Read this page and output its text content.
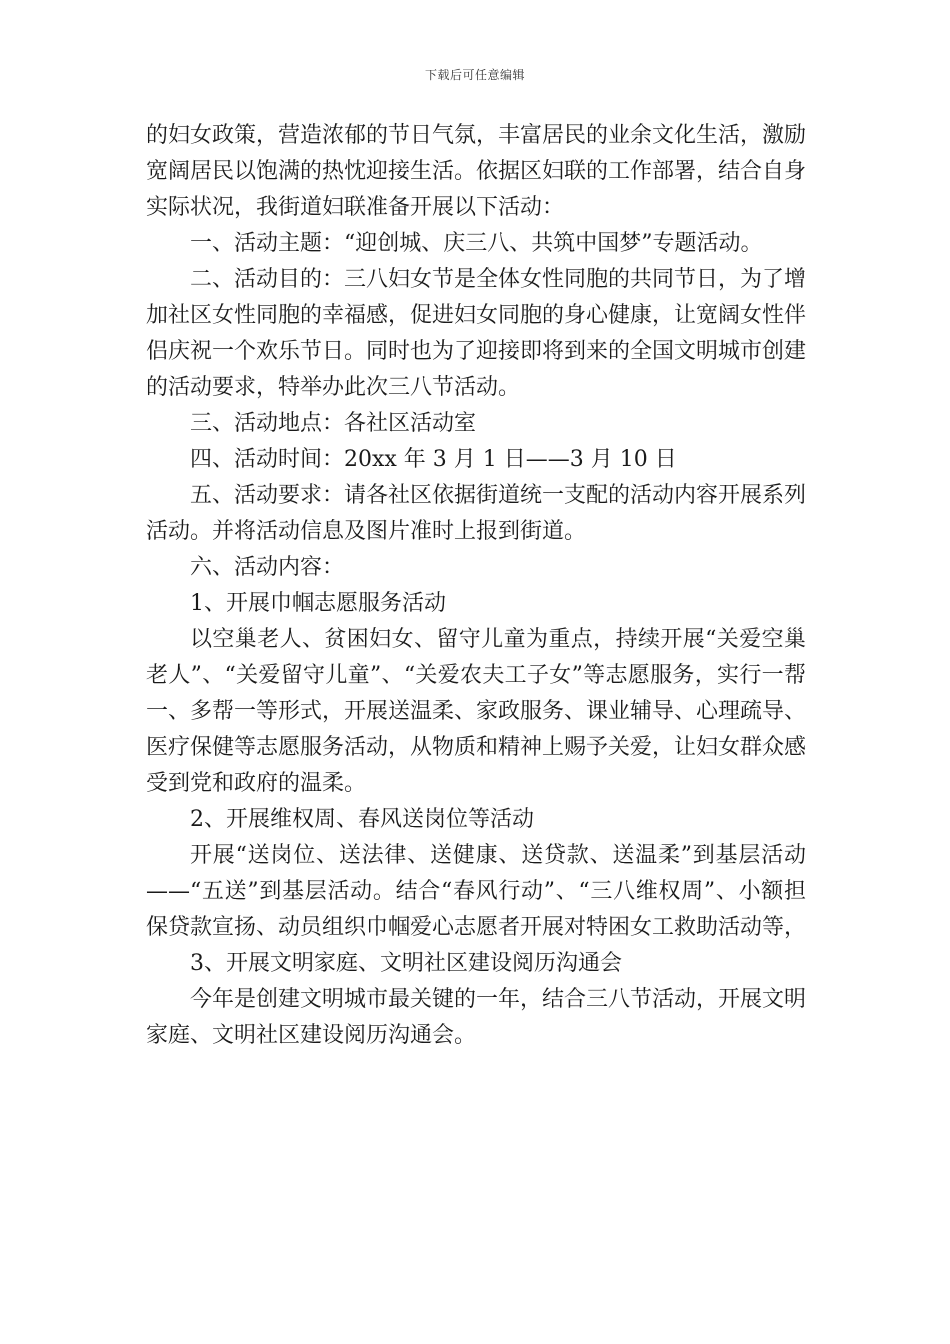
下载后可任意编辑

的妇女政策，营造浓郁的节日气氛，丰富居民的业余文化生活，激励宽阔居民以饱满的热忱迎接生活。依据区妇联的工作部署，结合自身实际状况，我街道妇联准备开展以下活动：

一、活动主题：“迎创城、庆三八、共筑中国梦”专题活动。

二、活动目的：三八妇女节是全体女性同胞的共同节日，为了增加社区女性同胞的幸福感，促进妇女同胞的身心健康，让宽阔女性伴侣庆祝一个欢乐节日。同时也为了迎接即将到来的全国文明城市创建的活动要求，特举办此次三八节活动。

三、活动地点：各社区活动室

四、活动时间：20xx 年 3 月 1 日——3 月 10 日

五、活动要求：请各社区依据街道统一支配的活动内容开展系列活动。并将活动信息及图片准时上报到街道。

六、活动内容：

1、开展巾帼志愿服务活动

以空巢老人、贫困妇女、留守儿童为重点，持续开展“关爱空巢老人”、“关爱留守儿童”、“关爱农夫工子女”等志愿服务，实行一帮一、多帮一等形式，开展送温柔、家政服务、课业辅导、心理疏导、医疗保健等志愿服务活动，从物质和精神上赐予关爱，让妇女群众感受到党和政府的温柔。

2、开展维权周、春风送岗位等活动

开展“送岗位、送法律、送健康、送贷款、送温柔”到基层活动——“五送”到基层活动。结合“春风行动”、“三八维权周”、小额担保贷款宣扬、动员组织巾帼爱心志愿者开展对特困女工救助活动等，

3、开展文明家庭、文明社区建设阅历沟通会

今年是创建文明城市最关键的一年，结合三八节活动，开展文明家庭、文明社区建设阅历沟通会。
